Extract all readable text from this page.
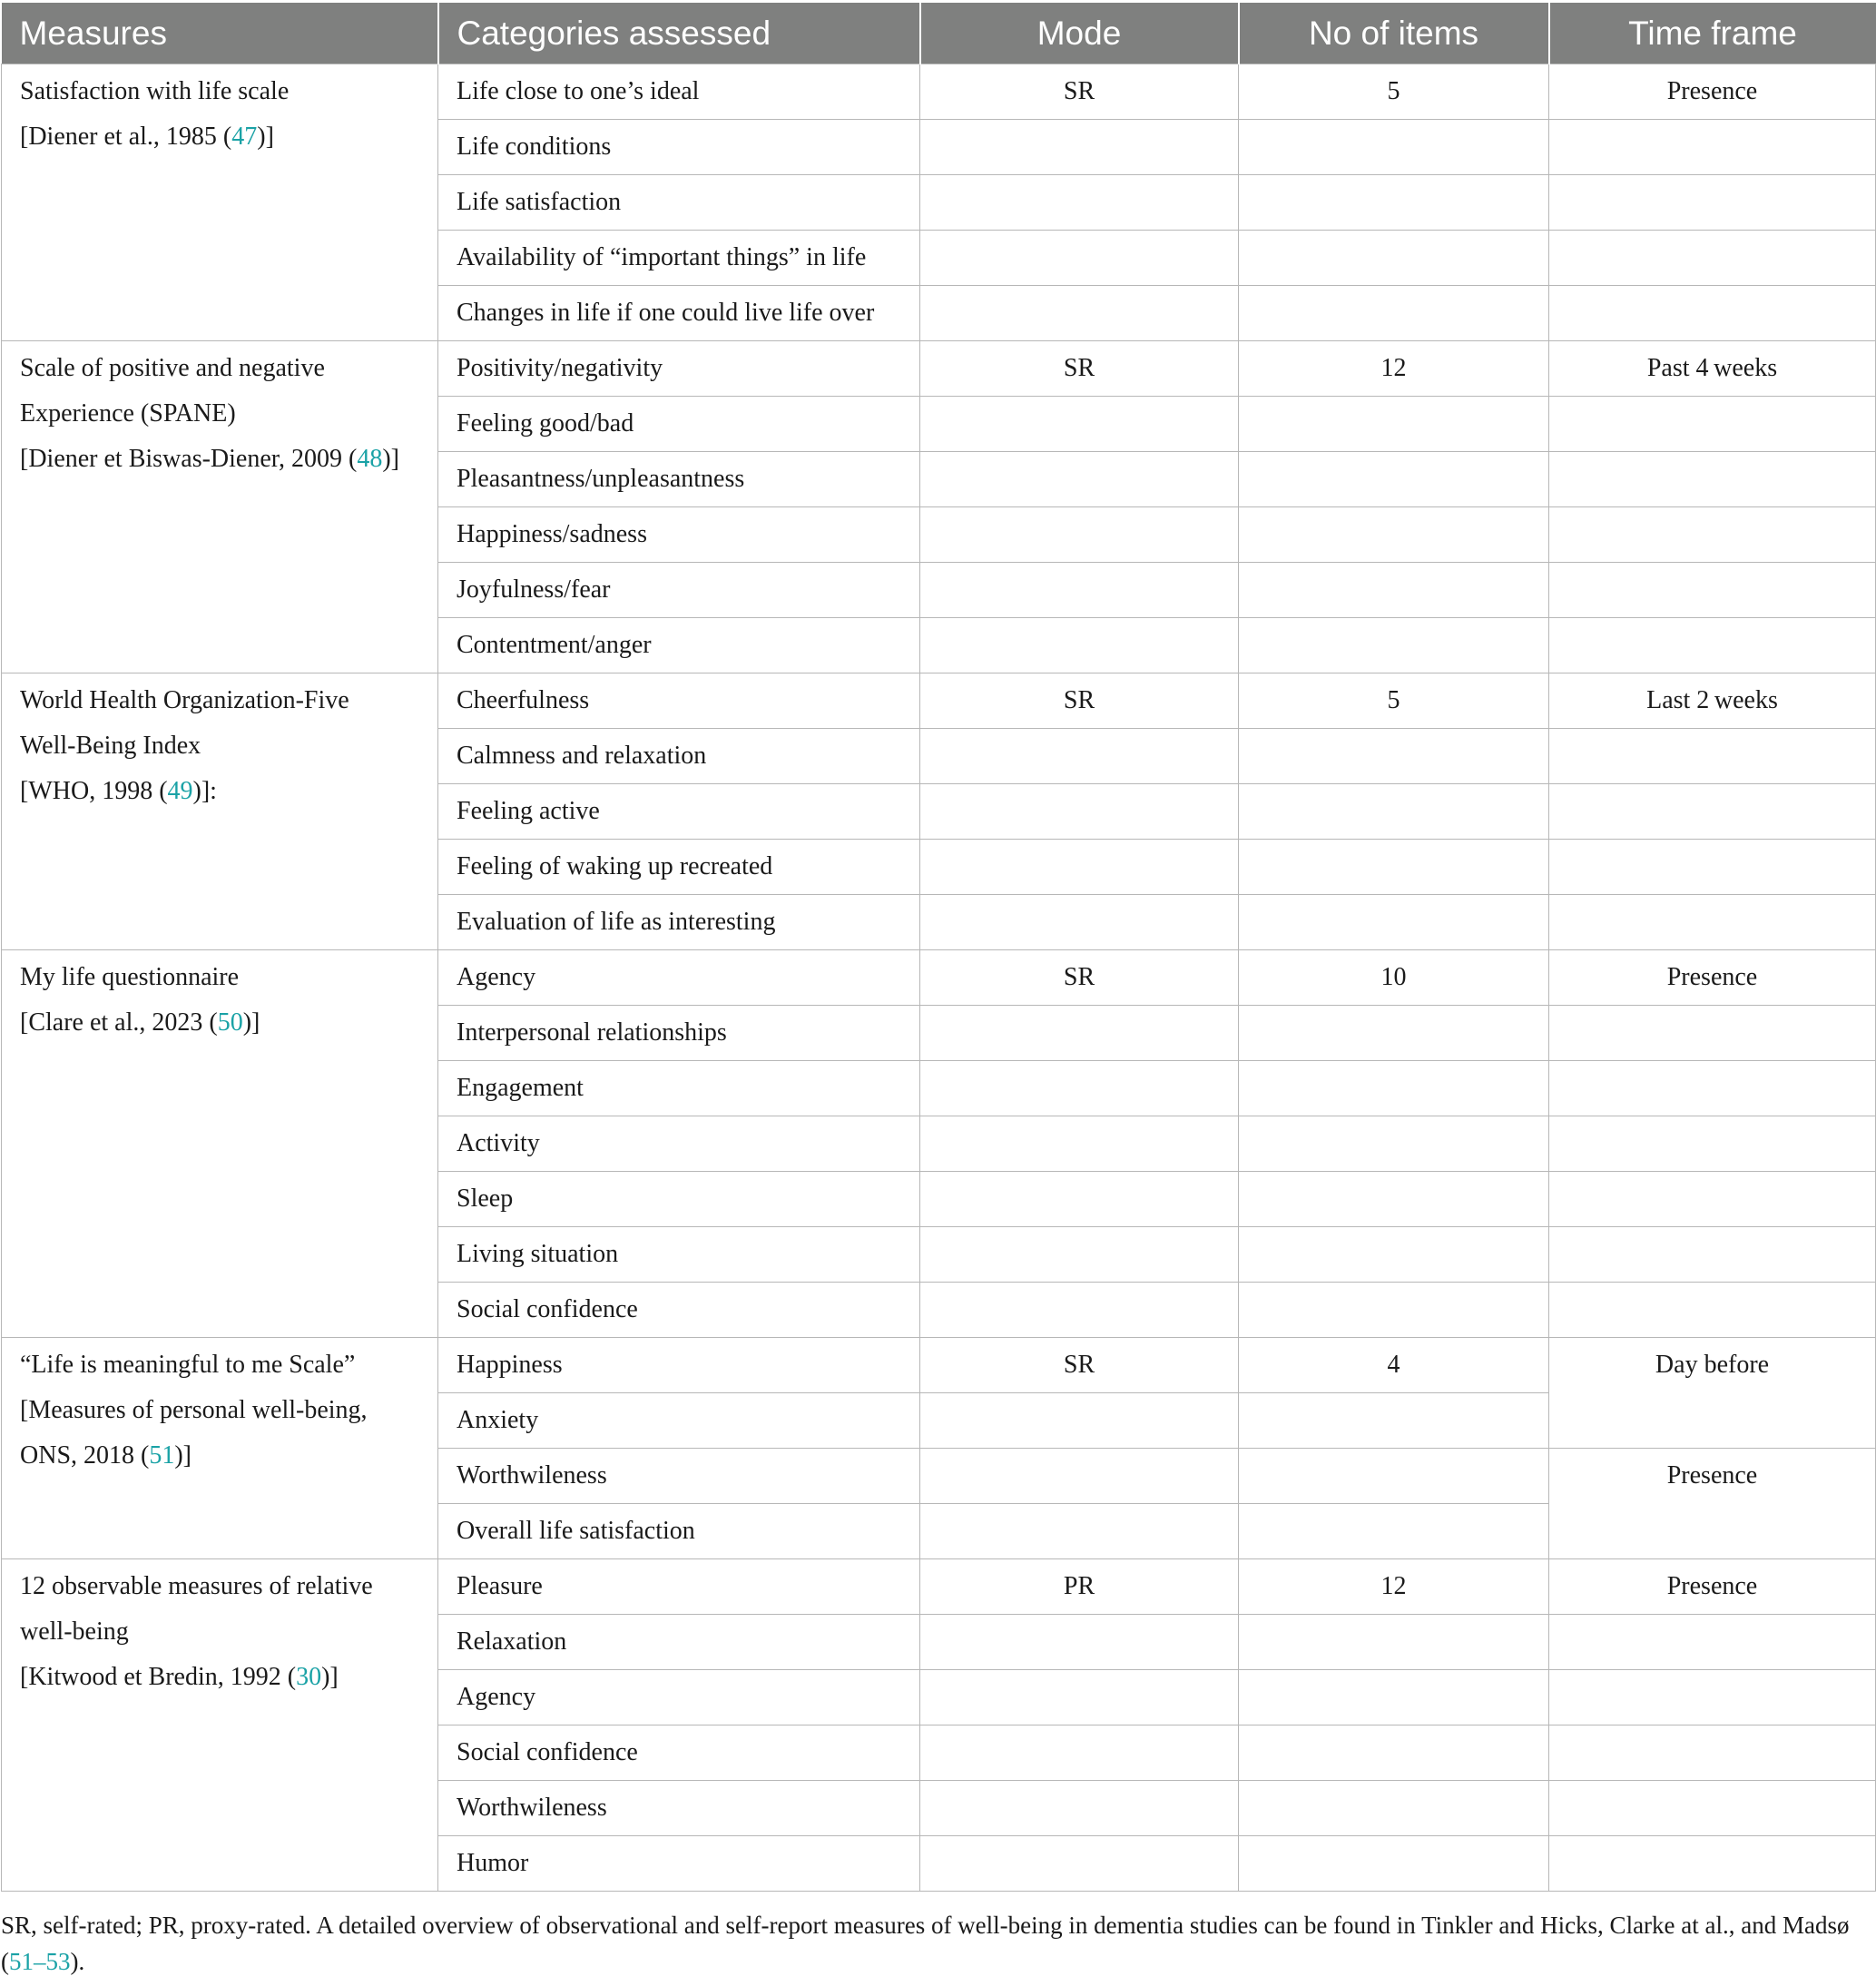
Measures	Categories assessed	Mode	No of items	Time frame

Satisfaction with life scale
[Diener et al., 1985 (47)]	Life close to one’s ideal	SR	5	Presence
	Life conditions			
	Life satisfaction			
	Availability of “important things” in life			
	Changes in life if one could live life over			

Scale of positive and negative
Experience (SPANE)
[Diener et Biswas-Diener, 2009 (48)]	Positivity/negativity	SR	12	Past 4 weeks
	Feeling good/bad			
	Pleasantness/unpleasantness			
	Happiness/sadness			
	Joyfulness/fear			
	Contentment/anger			

World Health Organization-Five
Well-Being Index
[WHO, 1998 (49)]:	Cheerfulness	SR	5	Last 2 weeks
	Calmness and relaxation			
	Feeling active			
	Feeling of waking up recreated			
	Evaluation of life as interesting			

My life questionnaire
[Clare et al., 2023 (50)]	Agency	SR	10	Presence
	Interpersonal relationships			
	Engagement			
	Activity			
	Sleep			
	Living situation			
	Social confidence			

“Life is meaningful to me Scale”
[Measures of personal well-being,
ONS, 2018 (51)]	Happiness	SR	4	Day before
	Anxiety			
	Worthwileness			Presence
	Overall life satisfaction			

12 observable measures of relative
well-being
[Kitwood et Bredin, 1992 (30)]	Pleasure	PR	12	Presence
	Relaxation			
	Agency			
	Social confidence			
	Worthwileness			
	Humor			
SR, self-rated; PR, proxy-rated. A detailed overview of observational and self-report measures of well-being in dementia studies can be found in Tinkler and Hicks, Clarke at al., and Madsø (51–53).
